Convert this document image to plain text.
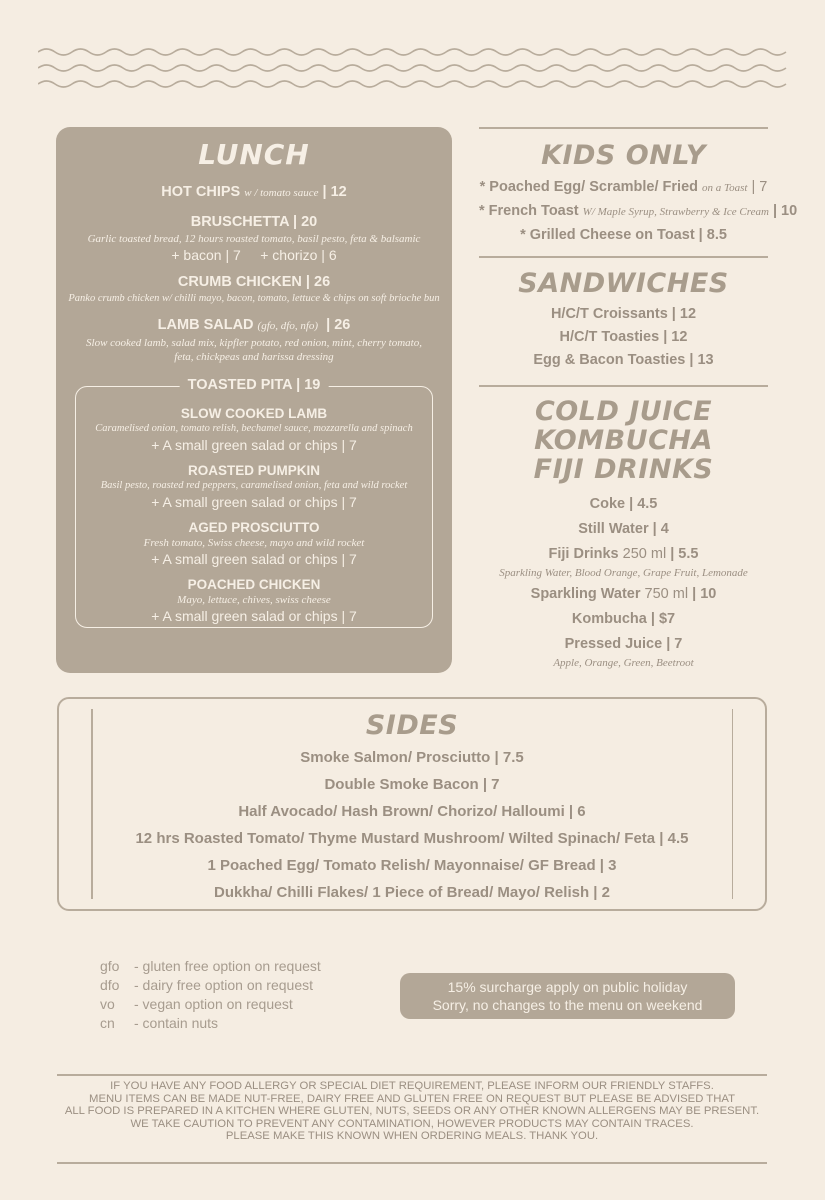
LUNCH
HOT CHIPS w / tomato sauce | 12
BRUSCHETTA | 20
Garlic toasted bread, 12 hours roasted tomato, basil pesto, feta & balsamic
+ bacon | 7     + chorizo | 6
CRUMB CHICKEN | 26
Panko crumb chicken w/ chilli mayo, bacon, tomato, lettuce & chips on soft brioche bun
LAMB SALAD (gfo, dfo, nfo) | 26
Slow cooked lamb, salad mix, kipfler potato, red onion, mint, cherry tomato,
feta, chickpeas and harissa dressing
TOASTED PITA | 19
SLOW COOKED LAMB
Caramelised onion, tomato relish, bechamel sauce, mozzarella and spinach
+ A small green salad or chips | 7
ROASTED PUMPKIN
Basil pesto, roasted red peppers, caramelised onion, feta and wild rocket
+ A small green salad or chips | 7
AGED PROSCIUTTO
Fresh tomato, Swiss cheese, mayo and wild rocket
+ A small green salad or chips | 7
POACHED CHICKEN
Mayo, lettuce, chives, swiss cheese
+ A small green salad or chips | 7
KIDS ONLY
* Poached Egg/ Scramble/ Fried on a Toast | 7
* French Toast W/ Maple Syrup, Strawberry & Ice Cream | 10
* Grilled Cheese on Toast | 8.5
SANDWICHES
H/C/T Croissants | 12
H/C/T Toasties | 12
Egg & Bacon Toasties | 13
COLD JUICE
KOMBUCHA
FIJI DRINKS
Coke | 4.5
Still Water | 4
Fiji Drinks 250 ml | 5.5
Sparkling Water, Blood Orange, Grape Fruit, Lemonade
Sparkling Water 750 ml | 10
Kombucha | $7
Pressed Juice | 7
Apple, Orange, Green, Beetroot
SIDES
Smoke Salmon/ Prosciutto | 7.5
Double Smoke Bacon | 7
Half Avocado/ Hash Brown/ Chorizo/ Halloumi | 6
12 hrs Roasted Tomato/ Thyme Mustard Mushroom/ Wilted Spinach/ Feta | 4.5
1 Poached Egg/ Tomato Relish/ Mayonnaise/ GF Bread | 3
Dukkha/ Chilli Flakes/ 1 Piece of Bread/ Mayo/ Relish | 2
gfo - gluten free option on request
dfo - dairy free option on request
vo - vegan option on request
cn - contain nuts
15% surcharge apply on public holiday
Sorry, no changes to the menu on weekend
IF YOU HAVE ANY FOOD ALLERGY OR SPECIAL DIET REQUIREMENT, PLEASE INFORM OUR FRIENDLY STAFFS.
MENU ITEMS CAN BE MADE NUT-FREE, DAIRY FREE AND GLUTEN FREE ON REQUEST BUT PLEASE BE ADVISED THAT
ALL FOOD IS PREPARED IN A KITCHEN WHERE GLUTEN, NUTS, SEEDS OR ANY OTHER KNOWN ALLERGENS MAY BE PRESENT.
WE TAKE CAUTION TO PREVENT ANY CONTAMINATION, HOWEVER PRODUCTS MAY CONTAIN TRACES.
PLEASE MAKE THIS KNOWN WHEN ORDERING MEALS. THANK YOU.
